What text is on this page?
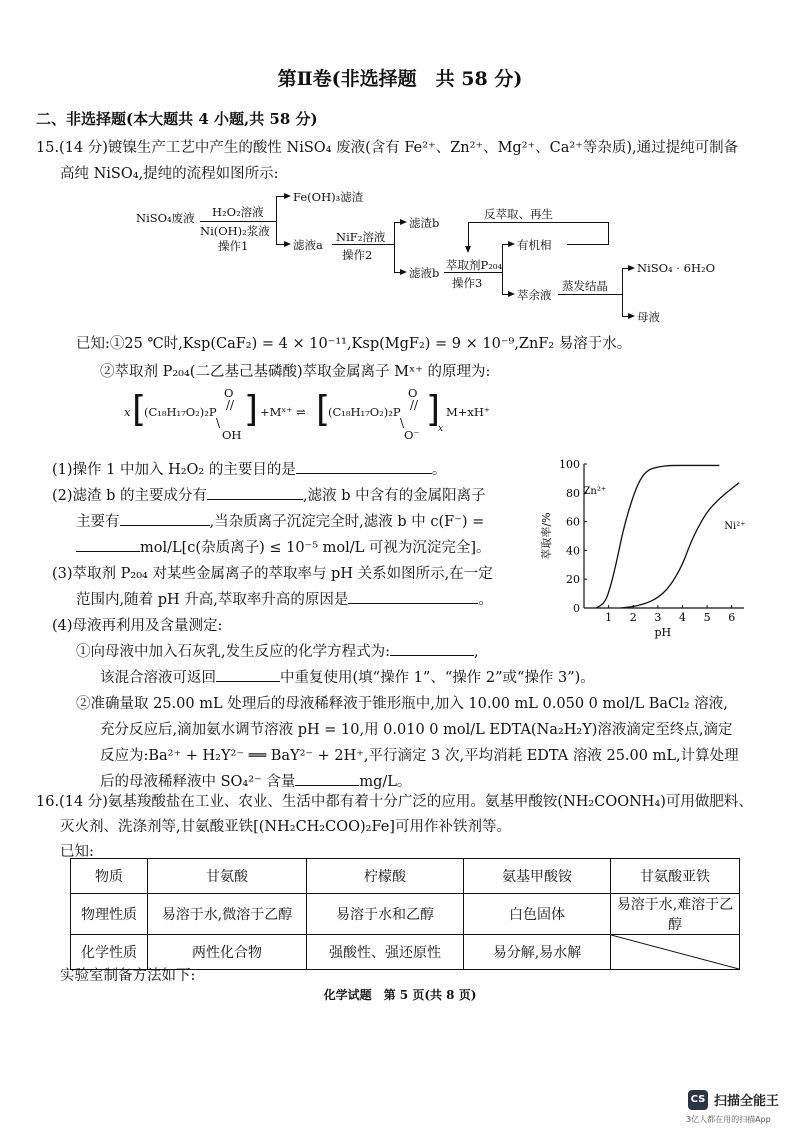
第Ⅱ卷(非选择题　共 58 分)
二、非选择题(本大题共 4 小题,共 58 分)
15.(14 分)镀镍生产工艺中产生的酸性 NiSO₄ 废液(含有 Fe²⁺、Zn²⁺、Mg²⁺、Ca²⁺等杂质),通过提纯可制备
高纯 NiSO₄,提纯的流程如图所示:
NiSO₄废液 H₂O₂溶液
Ni(OH)₂浆液
操作1
Fe(OH)₃滤渣
滤液a
NiF₂溶液
操作2
滤渣b
滤液b
萃取剂P₂₀₄
操作3
反萃取、再生
有机相
萃余液
蒸发结晶
NiSO₄ · 6H₂O
母液
已知:①25 ℃时,Ksp(CaF₂) = 4 × 10⁻¹¹,Ksp(MgF₂) = 9 × 10⁻⁹,ZnF₂ 易溶于水。
②萃取剂 P₂₀₄(二乙基己基磷酸)萃取金属离子 Mˣ⁺ 的原理为:
x [
(C₁₈H₁₇O₂)₂P
O
//
\
OH
] +Mˣ⁺ ⇌ [
(C₁₈H₁₇O₂)₂P
O
//
\
O⁻
]
x
M+xH⁺
(1)操作 1 中加入 H₂O₂ 的主要目的是	。
(2)滤渣 b 的主要成分有	,滤液 b 中含有的金属阳离子
主要有	,当杂质离子沉淀完全时,滤液 b 中 c(F⁻) =
mol/L[c(杂质离子) ≤ 10⁻⁵ mol/L 可视为沉淀完全]。
(3)萃取剂 P₂₀₄ 对某些金属离子的萃取率与 pH 关系如图所示,在一定
范围内,随着 pH 升高,萃取率升高的原因是	。
(4)母液再利用及含量测定:
①向母液中加入石灰乳,发生反应的化学方程式为:	,
该混合溶液可返回	中重复使用(填“操作 1”、“操作 2”或“操作 3”)。
②准确量取 25.00 mL 处理后的母液稀释液于锥形瓶中,加入 10.00 mL 0.050 0 mol/L BaCl₂ 溶液,
充分反应后,滴加氨水调节溶液 pH = 10,用 0.010 0 mol/L EDTA(Na₂H₂Y)溶液滴定至终点,滴定
反应为:Ba²⁺ + H₂Y²⁻ ══ BaY²⁻ + 2H⁺,平行滴定 3 次,平均消耗 EDTA 溶液 25.00 mL,计算处理
后的母液稀释液中 SO₄²⁻ 含量	mg/L。
1 2 3 4 5 6
0
20
40
60
80
100
pH
萃取率/%
Zn²⁺
Ni²⁺
16.(14 分)氨基羧酸盐在工业、农业、生活中都有着十分广泛的应用。氨基甲酸铵(NH₂COONH₄)可用做肥料、
灭火剂、洗涤剂等,甘氨酸亚铁[(NH₂CH₂COO)₂Fe]可用作补铁剂等。
已知:
物质	甘氨酸	柠檬酸	氨基甲酸铵	甘氨酸亚铁
物理性质	易溶于水,微溶于乙醇	易溶于水和乙醇	白色固体	易溶于水,难溶于乙醇
化学性质	两性化合物	强酸性、强还原性	易分解,易水解	
实验室制备方法如下:
化学试题　第 5 页(共 8 页)
CS 扫描全能王
3亿人都在用的扫描App
